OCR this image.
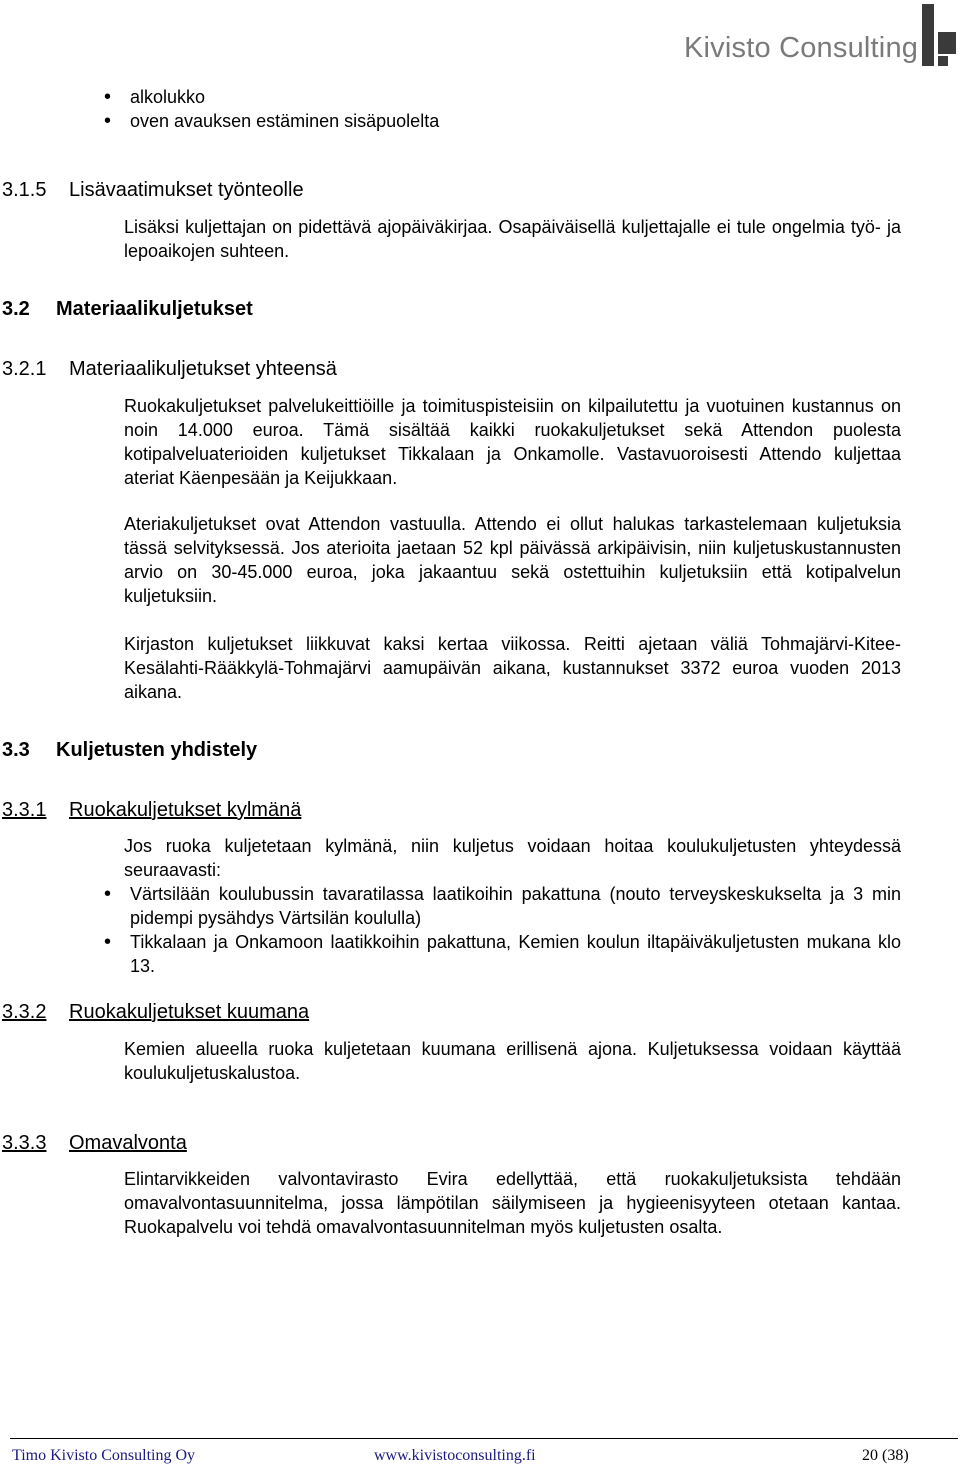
Kivisto Consulting
• alkolukko
• oven avauksen estäminen sisäpuolelta
3.1.5 Lisävaatimukset työnteolle
Lisäksi kuljettajan on pidettävä ajopäiväkirjaa. Osapäiväisellä kuljettajalle ei tule ongelmia työ- ja lepoaikojen suhteen.
3.2 Materiaalikuljetukset
3.2.1 Materiaalikuljetukset yhteensä
Ruokakuljetukset palvelukeittiöille ja toimituspisteisiin on kilpailutettu ja vuotuinen kustannus on noin 14.000 euroa. Tämä sisältää kaikki ruokakuljetukset sekä Attendon puolesta kotipalveluaterioiden kuljetukset Tikkalaan ja Onkamolle. Vastavuoroisesti Attendo kuljettaa ateriat Käenpesään ja Keijukkaan.
Ateriakuljetukset ovat Attendon vastuulla. Attendo ei ollut halukas tarkastelemaan kuljetuksia tässä selvityksessä. Jos aterioita jaetaan 52 kpl päivässä arkipäivisin, niin kuljetuskustannusten arvio on 30-45.000 euroa, joka jakaantuu sekä ostettuihin kuljetuksiin että kotipalvelun kuljetuksiin.
Kirjaston kuljetukset liikkuvat kaksi kertaa viikossa. Reitti ajetaan väliä Tohmajärvi-Kitee-Kesälahti-Rääkkylä-Tohmajärvi aamupäivän aikana, kustannukset 3372 euroa vuoden 2013 aikana.
3.3 Kuljetusten yhdistely
3.3.1 Ruokakuljetukset kylmänä
Jos ruoka kuljetetaan kylmänä, niin kuljetus voidaan hoitaa koulukuljetusten yhteydessä seuraavasti:
• Värtsilään koulubussin tavaratilassa laatikoihin pakattuna (nouto terveyskeskukselta ja 3 min pidempi pysähdys Värtsilän koululla)
• Tikkalaan ja Onkamoon laatikkoihin pakattuna, Kemien koulun iltapäiväkuljetusten mukana klo 13.
3.3.2 Ruokakuljetukset kuumana
Kemien alueella ruoka kuljetetaan kuumana erillisenä ajona. Kuljetuksessa voidaan käyttää koulukuljetuskalustoa.
3.3.3 Omavalvonta
Elintarvikkeiden valvontavirasto Evira edellyttää, että ruokakuljetuksista tehdään omavalvontasuunnitelma, jossa lämpötilan säilymiseen ja hygieenisyyteen otetaan kantaa. Ruokapalvelu voi tehdä omavalvontasuunnitelman myös kuljetusten osalta.
Timo Kivisto Consulting Oy	www.kivistoconsulting.fi	20 (38)
